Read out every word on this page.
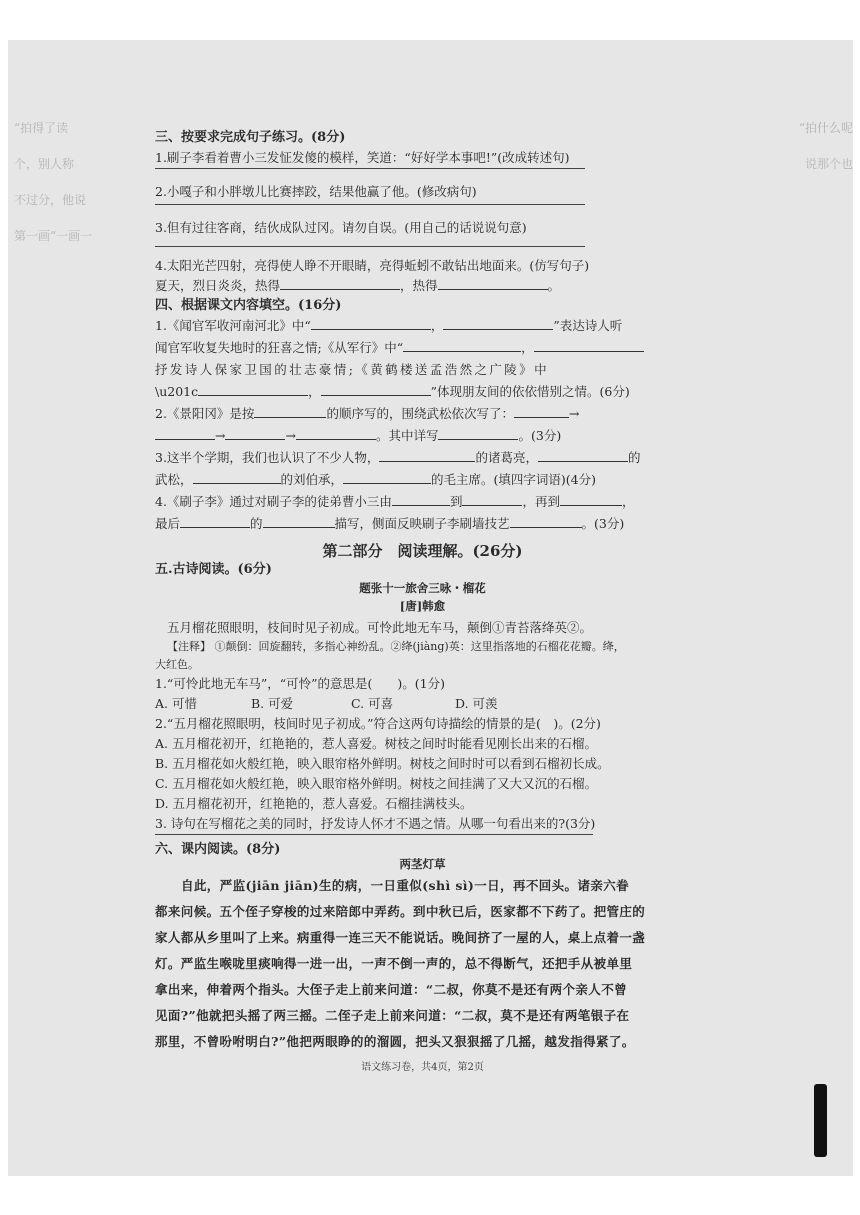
“拍得了读
个，别人称
不过分，他说
第一画“一画一
“拍什么呢
说那个也
三、按要求完成句子练习。(8分)
1.刷子李看着曹小三发怔发傻的模样，笑道：“好好学本事吧!”(改成转述句)
2.小嘎子和小胖墩儿比赛摔跤，结果他赢了他。(修改病句)
3.但有过往客商，结伙成队过冈。请勿自误。(用自己的话说说句意)
4.太阳光芒四射，亮得使人睁不开眼睛，亮得蚯蚓不敢钻出地面来。(仿写句子)
夏天，烈日炎炎，热得	，热得	。
四、根据课文内容填空。(16分)
1.《闻官军收河南河北》中“	，	”表达诗人听
闻官军收复失地时的狂喜之情;《从军行》中“	，
抒发诗人保家卫国的壮志豪情;《黄鹤楼送孟浩然之广陵》中
\u201c	，	”体现朋友间的依依惜别之情。(6分)
2.《景阳冈》是按	的顺序写的，围绕武松依次写了：	→
→	→	。其中详写	。(3分)
3.这半个学期，我们也认识了不少人物，	的诸葛亮，	的
武松，	的刘伯承，	的毛主席。(填四字词语)(4分)
4.《刷子李》通过对刷子李的徒弟曹小三由	到	，再到	，
最后	的	描写，侧面反映刷子李刷墙技艺	。(3分)
第二部分　阅读理解。(26分)
五.古诗阅读。(6分)
题张十一旅舍三咏・榴花
[唐]韩愈
五月榴花照眼明，枝间时见子初成。可怜此地无车马，颠倒①青苔落绛英②。
【注释】 ①颠倒：回旋翻转，多指心神纷乱。②绛(jiàng)英：这里指落地的石榴花花瓣。绛，
大红色。
1.“可怜此地无车马”，“可怜”的意思是(　　)。(1分)
A. 可惜	B. 可爱	C. 可喜	D. 可羡
2.“五月榴花照眼明，枝间时见子初成。”符合这两句诗描绘的情景的是(　)。(2分)
A. 五月榴花初开，红艳艳的，惹人喜爱。树枝之间时时能看见刚长出来的石榴。
B. 五月榴花如火般红艳，映入眼帘格外鲜明。树枝之间时时可以看到石榴初长成。
C. 五月榴花如火般红艳，映入眼帘格外鲜明。树枝之间挂满了又大又沉的石榴。
D. 五月榴花初开，红艳艳的，惹人喜爱。石榴挂满枝头。
3. 诗句在写榴花之美的同时，抒发诗人怀才不遇之情。从哪一句看出来的?(3分)
六、课内阅读。(8分)
两茎灯草
自此，严监(jiān jiān)生的病，一日重似(shì sì)一日，再不回头。诸亲六眷
都来问候。五个侄子穿梭的过来陪郎中弄药。到中秋已后，医家都不下药了。把管庄的
家人都从乡里叫了上来。病重得一连三天不能说话。晚间挤了一屋的人，桌上点着一盏
灯。严监生喉咙里痰响得一进一出，一声不倒一声的，总不得断气，还把手从被单里
拿出来，伸着两个指头。大侄子走上前来问道：“二叔，你莫不是还有两个亲人不曾
见面?”他就把头摇了两三摇。二侄子走上前来问道：“二叔，莫不是还有两笔银子在
那里，不曾吩咐明白?”他把两眼睁的的溜圆，把头又狠狠摇了几摇，越发指得紧了。
语文练习卷，共4页，第2页
